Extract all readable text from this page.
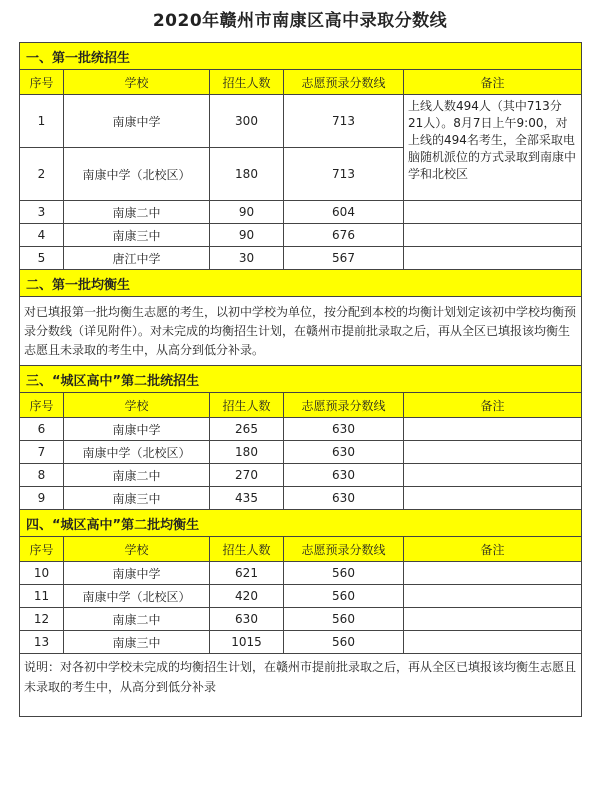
2020年赣州市南康区高中录取分数线
一、第一批统招生				
序号	学校	招生人数	志愿预录分数线	备注
1	南康中学	300	713	上线人数494人（其中713分21人）。8月7日上午9:00，对上线的494名考生，全部采取电脑随机派位的方式录取到南康中学和北校区
2	南康中学（北校区）	180	713	
3	南康二中	90	604	
4	南康三中	90	676	
5	唐江中学	30	567	
二、第一批均衡生				
对已填报第一批均衡生志愿的考生，以初中学校为单位，按分配到本校的均衡计划划定该初中学校均衡预录分数线（详见附件）。对未完成的均衡招生计划，在赣州市提前批录取之后，再从全区已填报该均衡生志愿且未录取的考生中，从高分到低分补录。				
三、“城区高中”第二批统招生				
序号	学校	招生人数	志愿预录分数线	备注
6	南康中学	265	630	
7	南康中学（北校区）	180	630	
8	南康二中	270	630	
9	南康三中	435	630	
四、“城区高中”第二批均衡生				
序号	学校	招生人数	志愿预录分数线	备注
10	南康中学	621	560	
11	南康中学（北校区）	420	560	
12	南康二中	630	560	
13	南康三中	1015	560	
说明：对各初中学校未完成的均衡招生计划，在赣州市提前批录取之后，再从全区已填报该均衡生志愿且未录取的考生中，从高分到低分补录				
